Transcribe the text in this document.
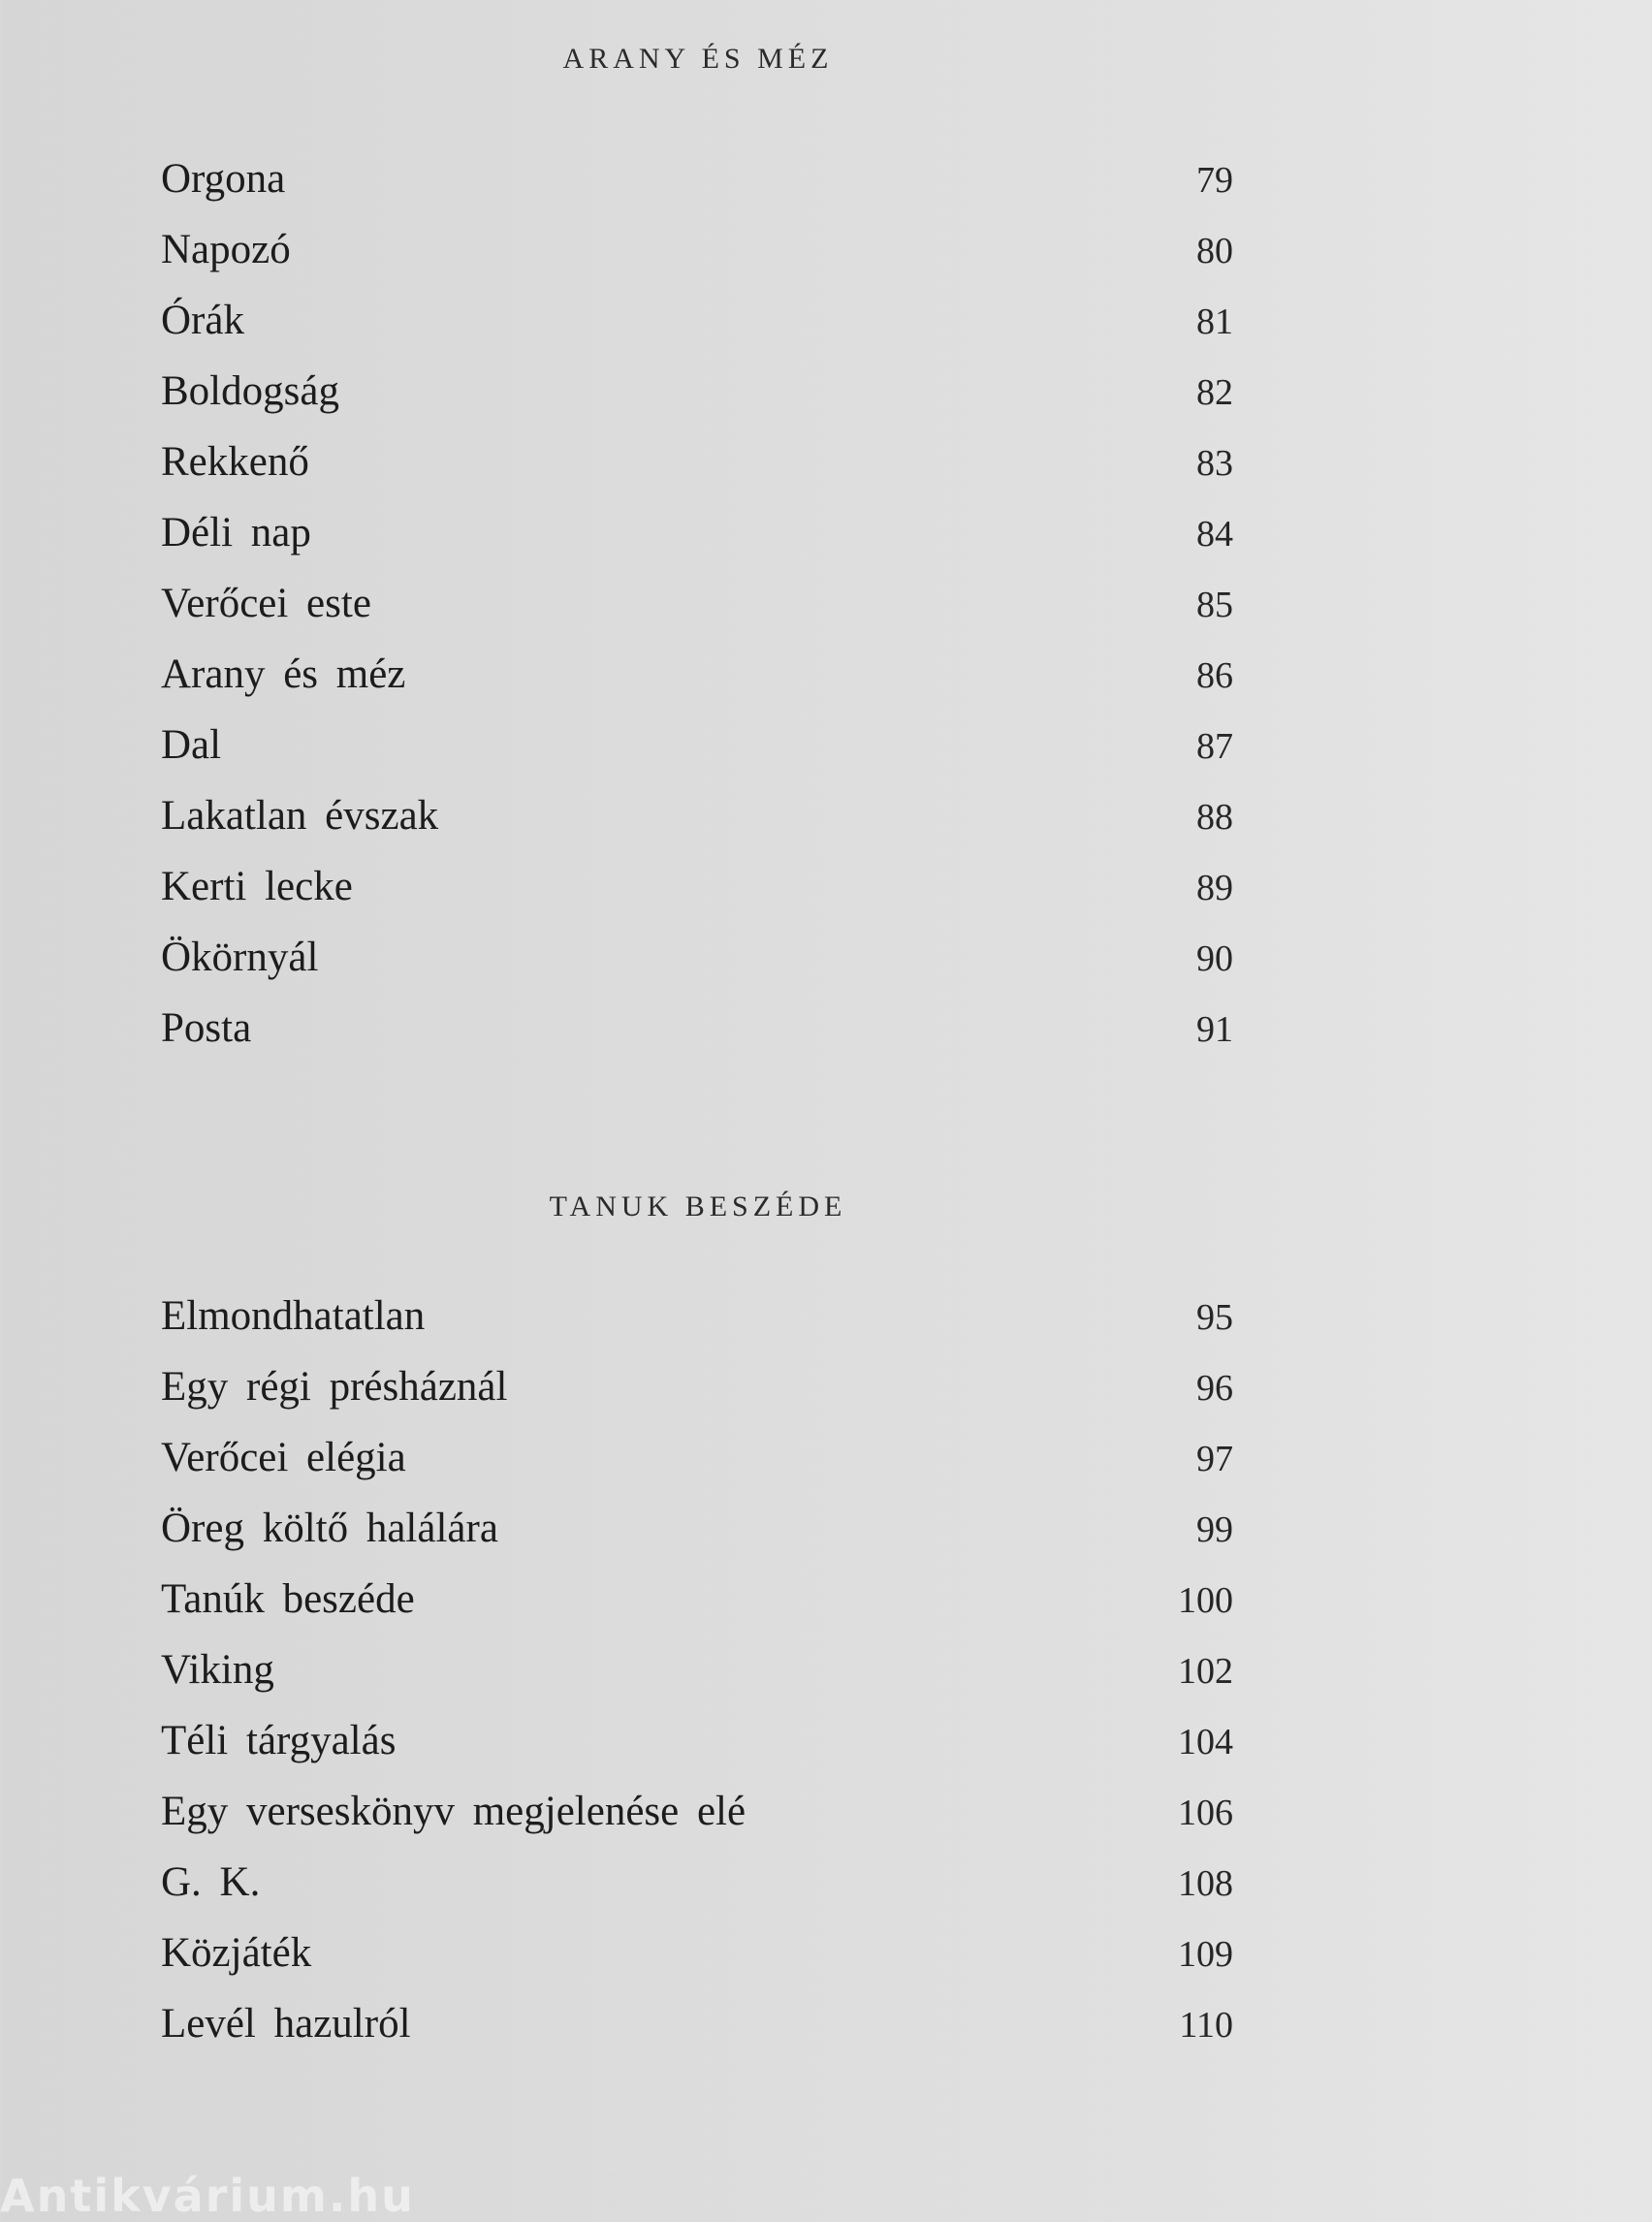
ARANY ÉS MÉZ
Orgona	79
Napozó	80
Órák	81
Boldogság	82
Rekkenő	83
Déli nap	84
Verőcei este	85
Arany és méz	86
Dal	87
Lakatlan évszak	88
Kerti lecke	89
Ökörnyál	90
Posta	91
TANUK BESZÉDE
Elmondhatatlan	95
Egy régi présháznál	96
Verőcei elégia	97
Öreg költő halálára	99
Tanúk beszéde	100
Viking	102
Téli tárgyalás	104
Egy verseskönyv megjelenése elé	106
G. K.	108
Közjáték	109
Levél hazulról	110
Antikvárium.hu
